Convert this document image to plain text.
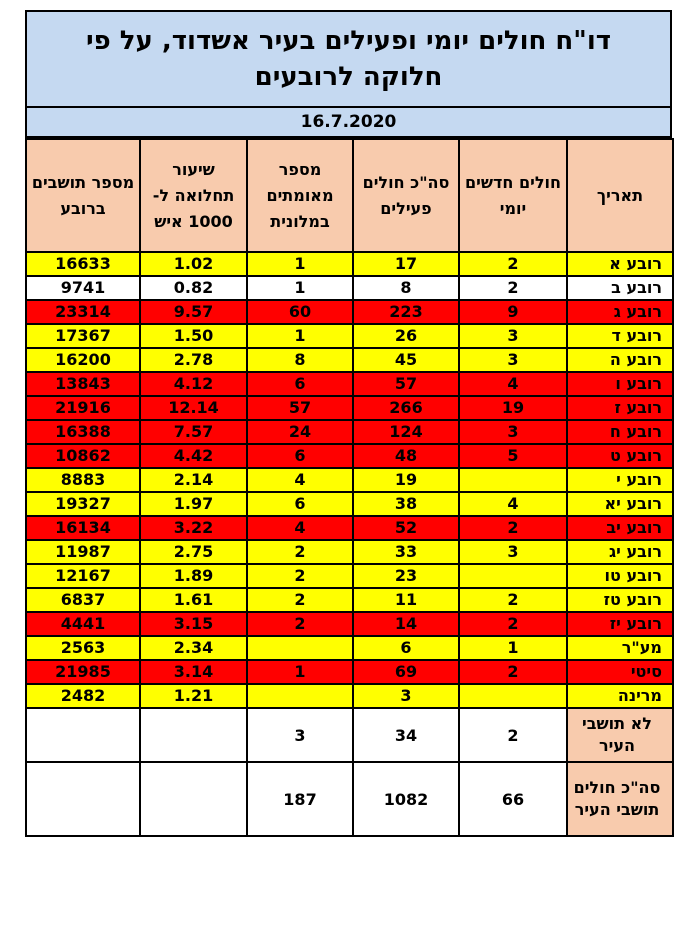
דו"ח חולים יומי ופעילים בעיר אשדוד, על פי
חלוקה לרובעים
16.7.2020
תאריך	חולים חדשים יומי	סה"כ חולים פעילים	מספר מאומתים במלונית	שיעור תחלואה ל- 1000 איש	מספר תושבים ברובע
רובע א	2	17	1	1.02	16633
רובע ב	2	8	1	0.82	9741
רובע ג	9	223	60	9.57	23314
רובע ד	3	26	1	1.50	17367
רובע ה	3	45	8	2.78	16200
רובע ו	4	57	6	4.12	13843
רובע ז	19	266	57	12.14	21916
רובע ח	3	124	24	7.57	16388
רובע ט	5	48	6	4.42	10862
רובע י		19	4	2.14	8883
רובע יא	4	38	6	1.97	19327
רובע יב	2	52	4	3.22	16134
רובע יג	3	33	2	2.75	11987
רובע טו		23	2	1.89	12167
רובע טז	2	11	2	1.61	6837
רובע יז	2	14	2	3.15	4441
מע"ר	1	6		2.34	2563
סיטי	2	69	1	3.14	21985
מרינה		3		1.21	2482
לא תושבי העיר	2	34	3		
סה"כ חולים תושבי העיר	66	1082	187		
